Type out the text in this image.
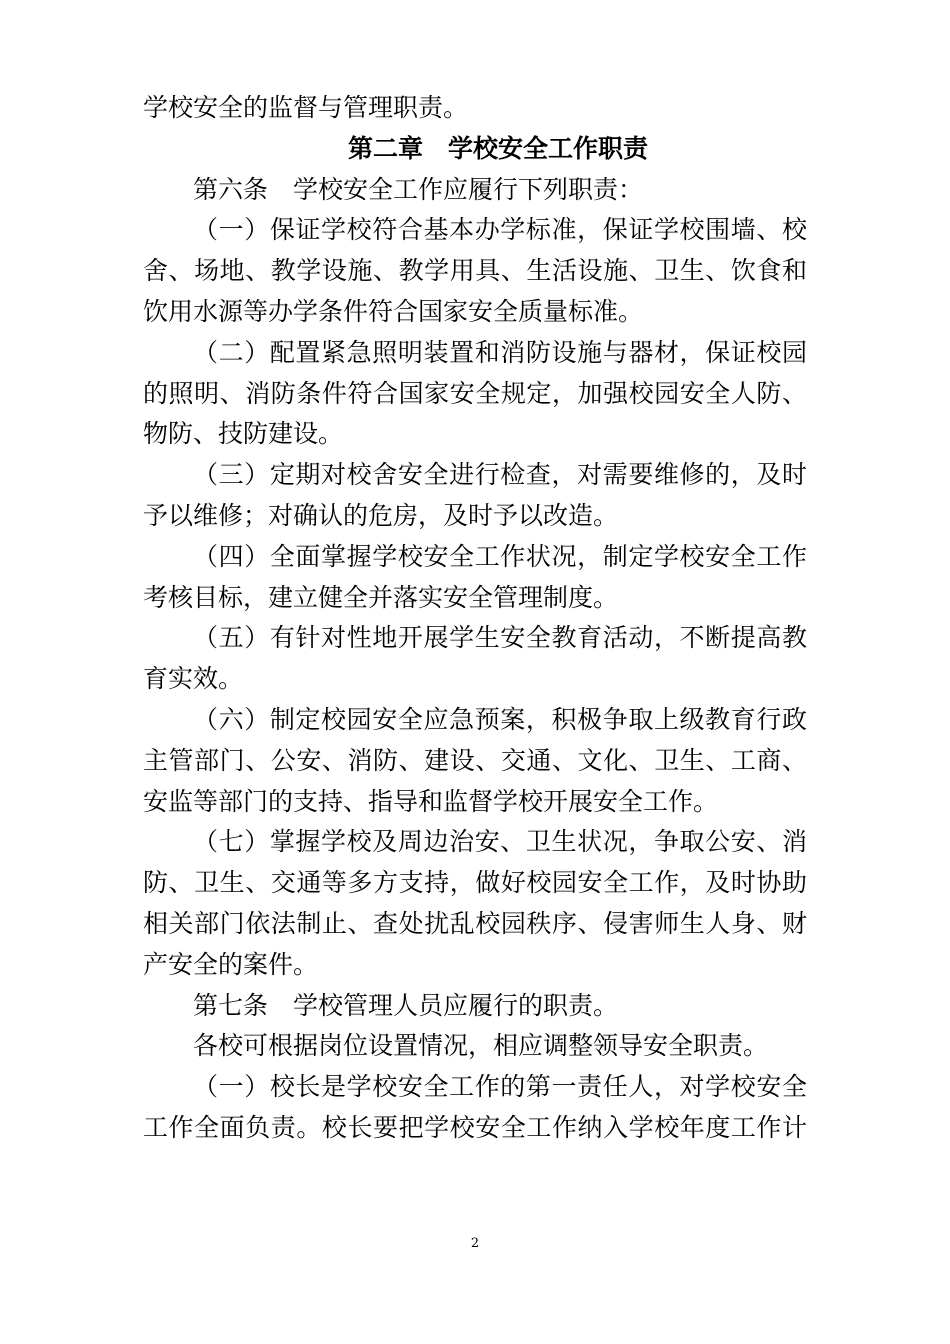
学校安全的监督与管理职责。
第二章　学校安全工作职责
第六条　学校安全工作应履行下列职责：
（一）保证学校符合基本办学标准，保证学校围墙、校
舍、场地、教学设施、教学用具、生活设施、卫生、饮食和
饮用水源等办学条件符合国家安全质量标准。
（二）配置紧急照明装置和消防设施与器材，保证校园
的照明、消防条件符合国家安全规定，加强校园安全人防、
物防、技防建设。
（三）定期对校舍安全进行检查，对需要维修的，及时
予以维修；对确认的危房，及时予以改造。
（四）全面掌握学校安全工作状况，制定学校安全工作
考核目标，建立健全并落实安全管理制度。
（五）有针对性地开展学生安全教育活动，不断提高教
育实效。
（六）制定校园安全应急预案，积极争取上级教育行政
主管部门、公安、消防、建设、交通、文化、卫生、工商、
安监等部门的支持、指导和监督学校开展安全工作。
（七）掌握学校及周边治安、卫生状况，争取公安、消
防、卫生、交通等多方支持，做好校园安全工作，及时协助
相关部门依法制止、查处扰乱校园秩序、侵害师生人身、财
产安全的案件。
第七条　学校管理人员应履行的职责。
各校可根据岗位设置情况，相应调整领导安全职责。
（一）校长是学校安全工作的第一责任人，对学校安全
工作全面负责。校长要把学校安全工作纳入学校年度工作计
2
